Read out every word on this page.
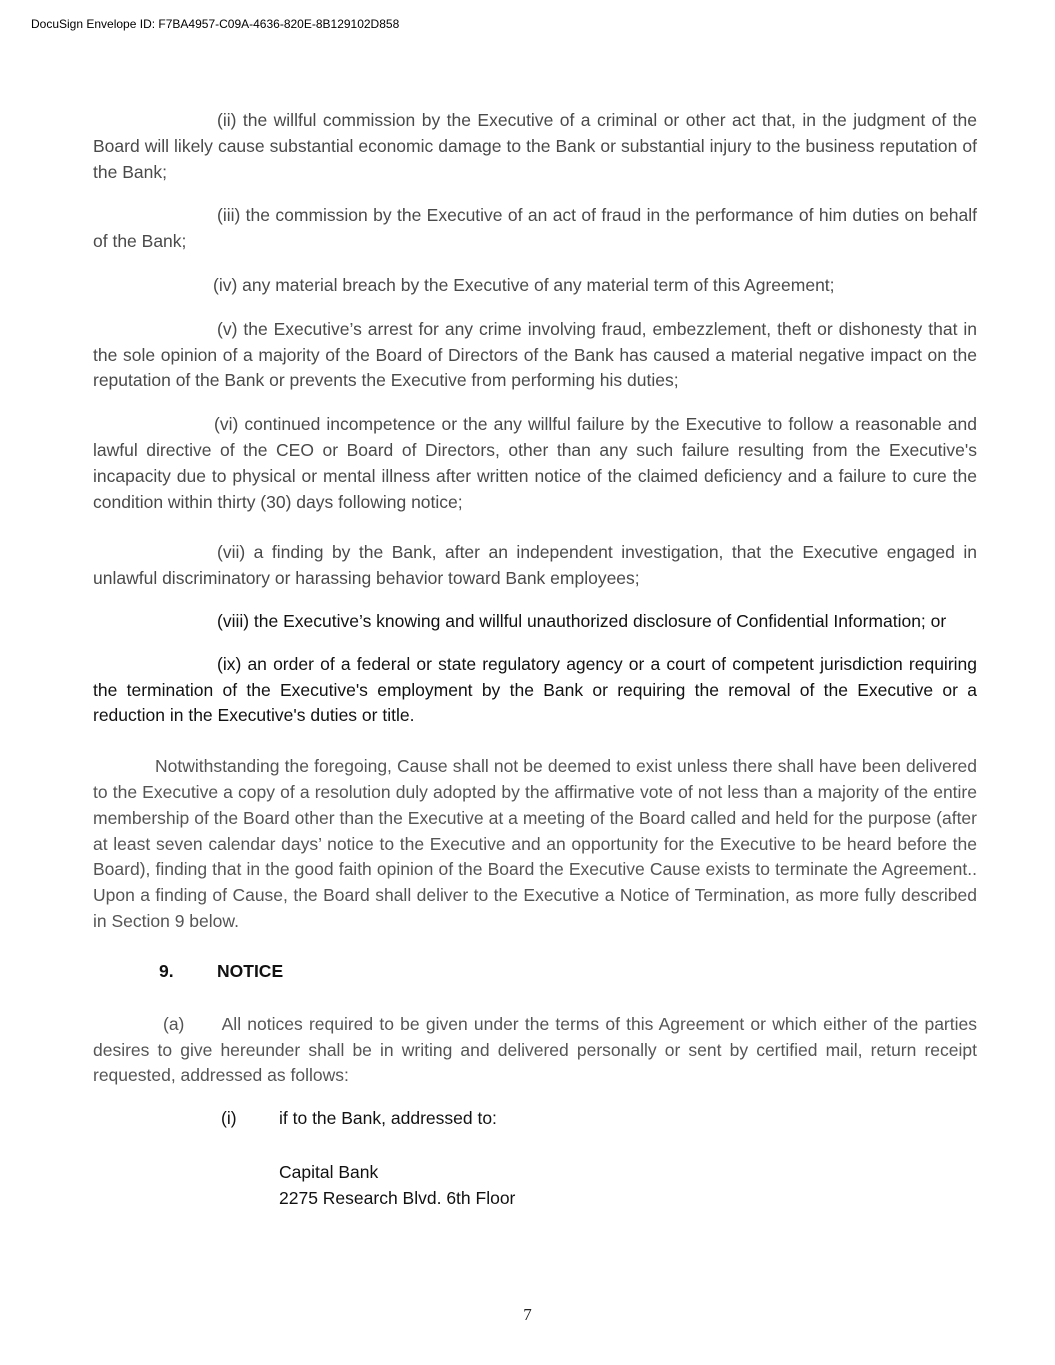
DocuSign Envelope ID: F7BA4957-C09A-4636-820E-8B129102D858

(ii) the willful commission by the Executive of a criminal or other act that, in the judgment of the Board will likely cause substantial economic damage to the Bank or substantial injury to the business reputation of the Bank;

(iii) the commission by the Executive of an act of fraud in the performance of him duties on behalf of the Bank;

(iv) any material breach by the Executive of any material term of this Agreement;

(v) the Executive’s arrest for any crime involving fraud, embezzlement, theft or dishonesty that in the sole opinion of a majority of the Board of Directors of the Bank has caused a material negative impact on the reputation of the Bank or prevents the Executive from performing his duties;

(vi) continued incompetence or the any willful failure by the Executive to follow a reasonable and lawful directive of the CEO or Board of Directors, other than any such failure resulting from the Executive's incapacity due to physical or mental illness after written notice of the claimed deficiency and a failure to cure the condition within thirty (30) days following notice;

(vii) a finding by the Bank, after an independent investigation, that the Executive engaged in unlawful discriminatory or harassing behavior toward Bank employees;

(viii) the Executive’s knowing and willful unauthorized disclosure of Confidential Information; or

(ix) an order of a federal or state regulatory agency or a court of competent jurisdiction requiring the termination of the Executive's employment by the Bank or requiring the removal of the Executive or a reduction in the Executive's duties or title.

Notwithstanding the foregoing, Cause shall not be deemed to exist unless there shall have been delivered to the Executive a copy of a resolution duly adopted by the affirmative vote of not less than a majority of the entire membership of the Board other than the Executive at a meeting of the Board called and held for the purpose (after at least seven calendar days’ notice to the Executive and an opportunity for the Executive to be heard before the Board), finding that in the good faith opinion of the Board the Executive Cause exists to terminate the Agreement.. Upon a finding of Cause, the Board shall deliver to the Executive a Notice of Termination, as more fully described in Section 9 below.

9. NOTICE

(a)      All notices required to be given under the terms of this Agreement or which either of the parties desires to give hereunder shall be in writing and delivered personally or sent by certified mail, return receipt requested, addressed as follows:

(i) if to the Bank, addressed to:
Capital Bank
2275 Research Blvd. 6th Floor
7
